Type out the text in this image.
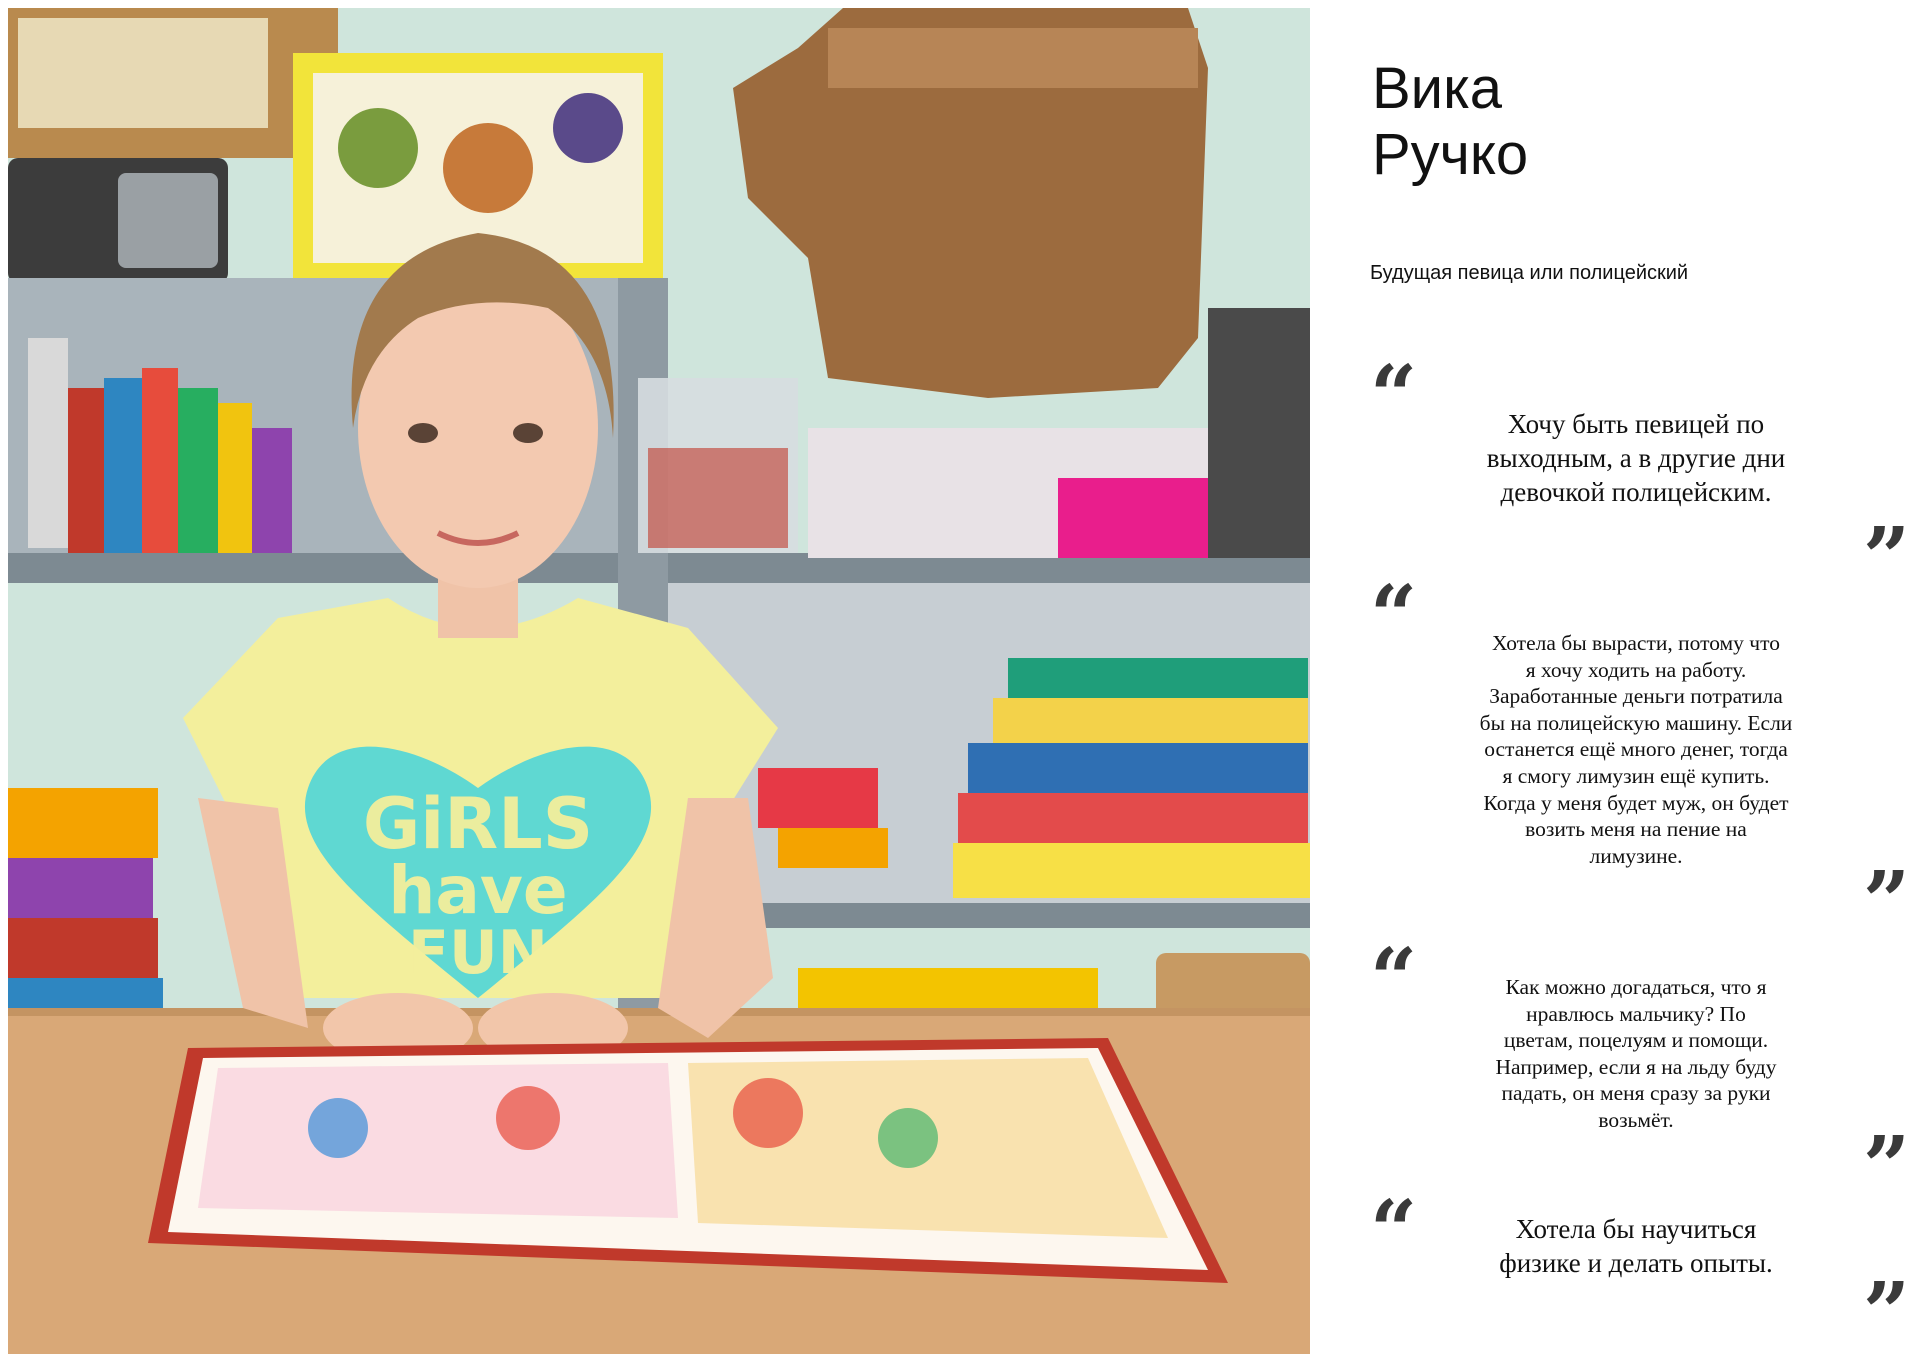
GiRLS
have
FUN
Вика
Ручко

Будущая певица или полицейский

“	Хочу быть певицей по
выходным, а в другие дни
девочкой полицейским.

”
“	Хотела бы вырасти, потому что
я хочу ходить на работу.
Заработанные деньги потратила
бы на полицейскую машину. Если
останется ещё много денег, тогда
я смогу лимузин ещё купить.
Когда у меня будет муж, он будет
возить меня на пение на
лимузине.	”
“	Как можно догадаться, что я
нравлюсь мальчику? По
цветам, поцелуям и помощи.
Например, если я на льду буду
падать, он меня сразу за руки
возьмёт.	”
“	Хотела бы научиться
физике и делать опыты.

”
